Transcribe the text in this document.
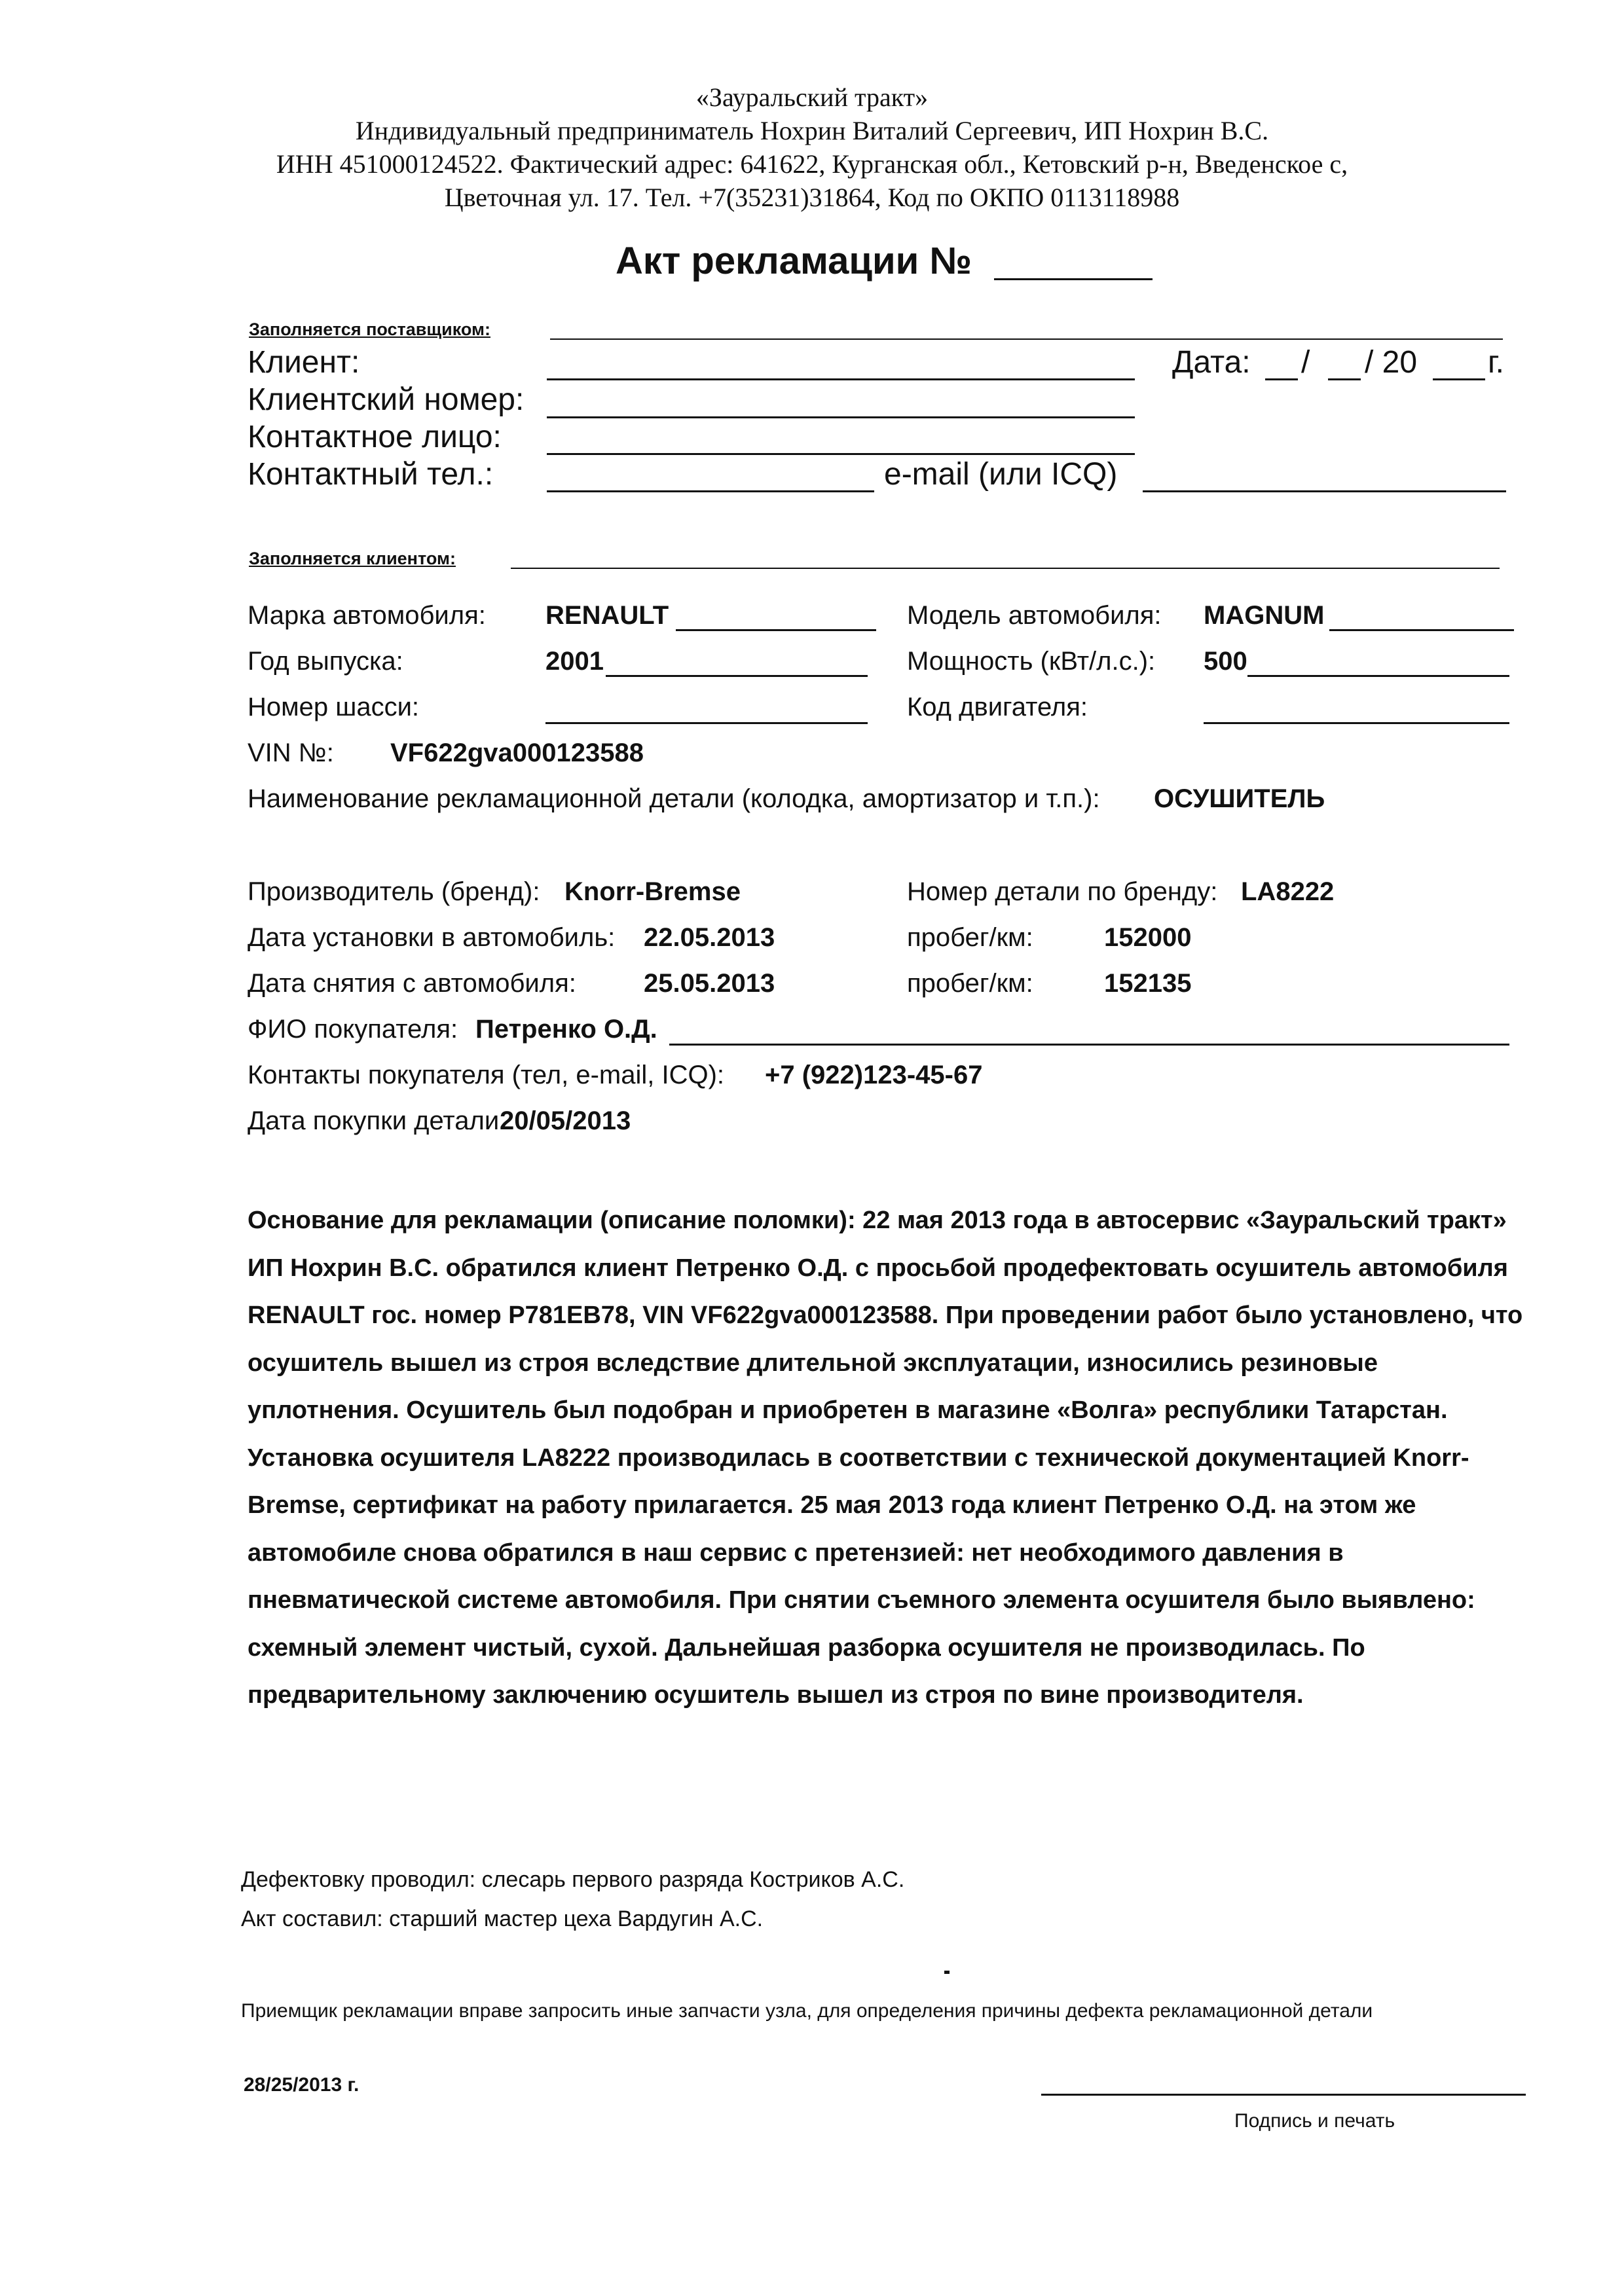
«Зауральский тракт»
Индивидуальный предприниматель Нохрин Виталий Сергеевич, ИП Нохрин В.С.
ИНН 451000124522. Фактический адрес: 641622, Курганская обл., Кетовский р-н, Введенское с,
Цветочная ул. 17. Тел. +7(35231)31864, Код по ОКПО 0113118988
Акт рекламации №
Заполняется поставщиком:
Клиент:	Дата: / / 20 г.
Клиентский номер:
Контактное лицо:
Контактный тел.:	e-mail (или ICQ)
Заполняется клиентом:
Марка автомобиля: RENAULT	Модель автомобиля: MAGNUM
Год выпуска:	2001	Мощность (кВт/л.с.): 500
Номер шасси:	Код двигателя:
VIN №: VF622gva000123588
Наименование рекламационной детали (колодка, амортизатор и т.п.): ОСУШИТЕЛЬ
Производитель (бренд): Knorr-Bremse	Номер детали по бренду: LA8222
Дата установки в автомобиль: 22.05.2013	пробег/км:	152000
Дата снятия с автомобиля:	25.05.2013	пробег/км:	152135
ФИО покупателя: Петренко О.Д.
Контакты покупателя (тел, e-mail, ICQ): +7 (922)123-45-67
Дата покупки детали 20/05/2013
Основание для рекламации (описание поломки): 22 мая 2013 года в автосервис «Зауральский тракт» ИП Нохрин В.С. обратился клиент Петренко О.Д. с просьбой продефектовать осушитель автомобиля RENAULT гос. номер Р781ЕВ78, VIN VF622gva000123588. При проведении работ было установлено, что осушитель вышел из строя вследствие длительной эксплуатации, износились резиновые уплотнения. Осушитель был подобран и приобретен в магазине «Волга» республики Татарстан. Установка осушителя LA8222 производилась в соответствии с технической документацией Knorr-Bremse, сертификат на работу прилагается. 25 мая 2013 года клиент Петренко О.Д. на этом же автомобиле снова обратился в наш сервис с претензией: нет необходимого давления в пневматической системе автомобиля. При снятии съемного элемента осушителя было выявлено: схемный элемент чистый, сухой. Дальнейшая разборка осушителя не производилась. По предварительному заключению осушитель вышел из строя по вине производителя.
Дефектовку проводил: слесарь первого разряда Костриков А.С.
Акт составил: старший мастер цеха Вардугин А.С.
Приемщик рекламации вправе запросить иные запчасти узла, для определения причины дефекта рекламационной детали
28/25/2013 г.
Подпись и печать
